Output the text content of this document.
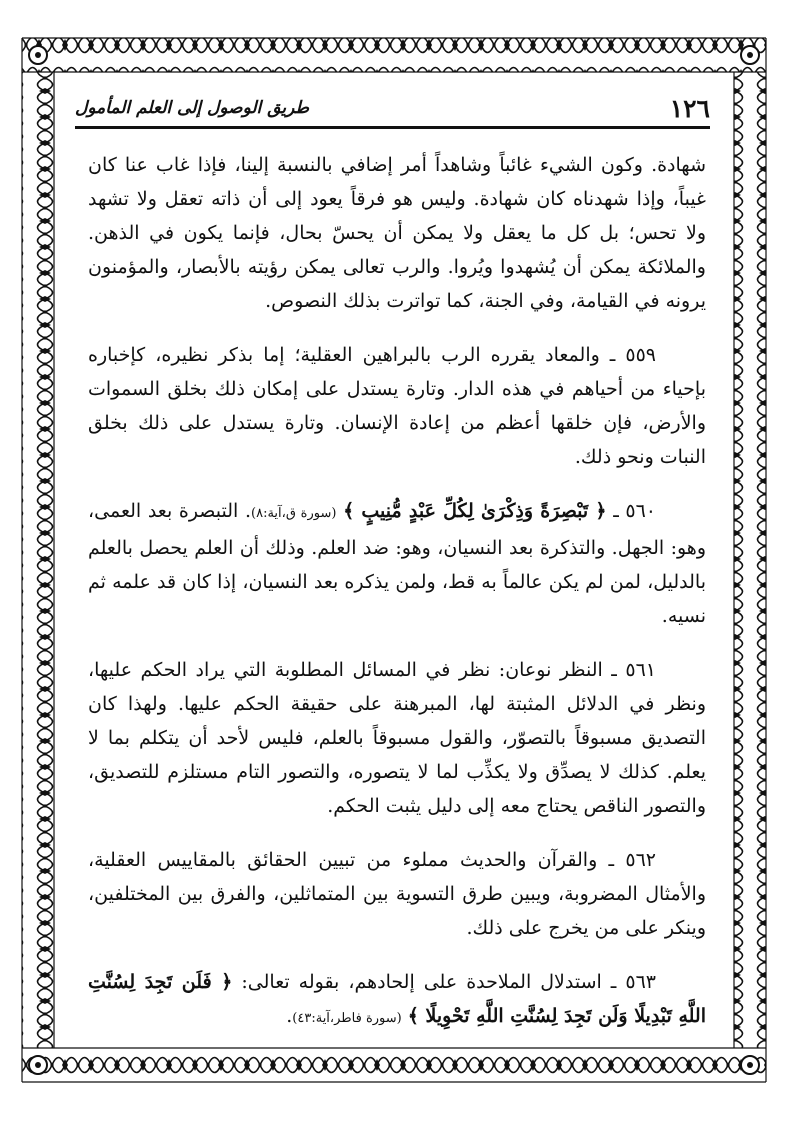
١٢٦
طريق الوصول إلى العلم المأمول

شهادة. وكون الشيء غائباً وشاهداً أمر إضافي بالنسبة إلينا، فإذا غاب عنا كان غيباً، وإذا شهدناه كان شهادة. وليس هو فرقاً يعود إلى أن ذاته تعقل ولا تشهد ولا تحس؛ بل كل ما يعقل ولا يمكن أن يحسّ بحال، فإنما يكون في الذهن. والملائكة يمكن أن يُشهدوا ويُروا. والرب تعالى يمكن رؤيته بالأبصار، والمؤمنون يرونه في القيامة، وفي الجنة، كما تواترت بذلك النصوص.

٥٥٩ ـ والمعاد يقرره الرب بالبراهين العقلية؛ إما بذكر نظيره، كإخباره بإحياء من أحياهم في هذه الدار. وتارة يستدل على إمكان ذلك بخلق السموات والأرض، فإن خلقها أعظم من إعادة الإنسان. وتارة يستدل على ذلك بخلق النبات ونحو ذلك.

٥٦٠ ـ ﴿ تَبْصِرَةً وَذِكْرَىٰ لِكُلِّ عَبْدٍ مُّنِيبٍ ﴾ (سورة ق،آية:٨). التبصرة بعد العمى، وهو: الجهل. والتذكرة بعد النسيان، وهو: ضد العلم. وذلك أن العلم يحصل بالعلم بالدليل، لمن لم يكن عالماً به قط، ولمن يذكره بعد النسيان، إذا كان قد علمه ثم نسيه.

٥٦١ ـ النظر نوعان: نظر في المسائل المطلوبة التي يراد الحكم عليها، ونظر في الدلائل المثبتة لها، المبرهنة على حقيقة الحكم عليها. ولهذا كان التصديق مسبوقاً بالتصوّر، والقول مسبوقاً بالعلم، فليس لأحد أن يتكلم بما لا يعلم. كذلك لا يصدِّق ولا يكذِّب لما لا يتصوره، والتصور التام مستلزم للتصديق، والتصور الناقص يحتاج معه إلى دليل يثبت الحكم.

٥٦٢ ـ والقرآن والحديث مملوء من تبيين الحقائق بالمقاييس العقلية، والأمثال المضروبة، ويبين طرق التسوية بين المتماثلين، والفرق بين المختلفين، وينكر على من يخرج على ذلك.

٥٦٣ ـ استدلال الملاحدة على إلحادهم، بقوله تعالى: ﴿ فَلَن تَجِدَ لِسُنَّتِ اللَّهِ تَبْدِيلًا وَلَن تَجِدَ لِسُنَّتِ اللَّهِ تَحْوِيلًا ﴾ (سورة فاطر،آية:٤٣).
